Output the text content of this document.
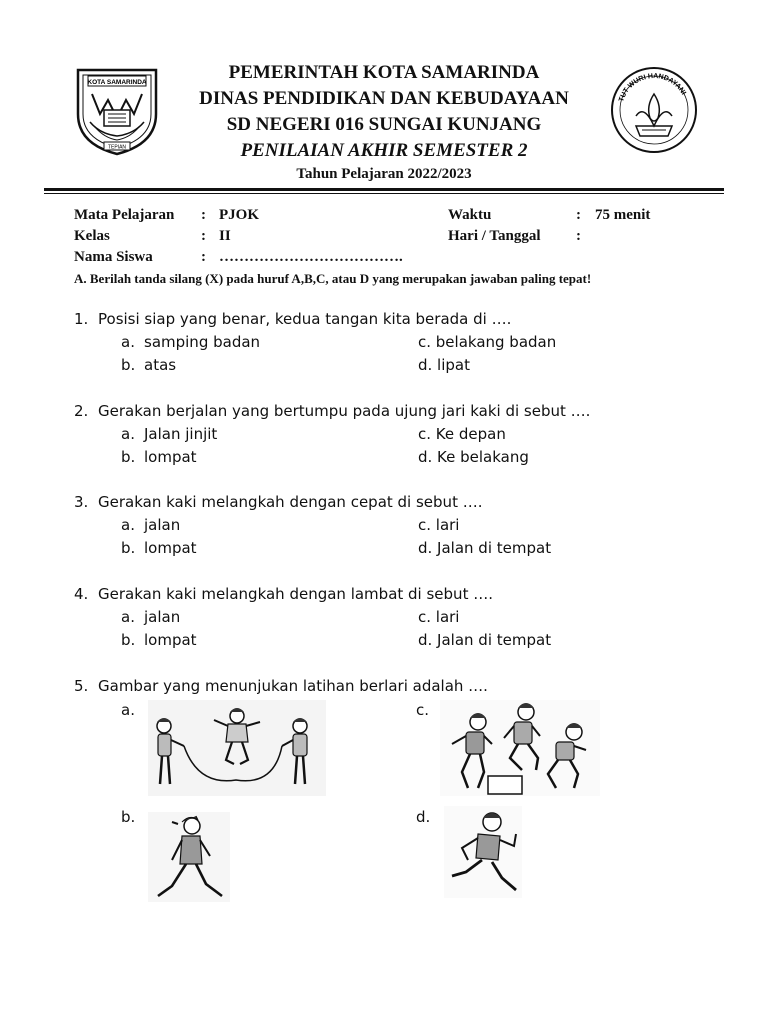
KOTA SAMARINDA
TEPIAN
TUT WURI HANDAYANI
PEMERINTAH KOTA SAMARINDA
DINAS PENDIDIKAN DAN KEBUDAYAAN
SD NEGERI 016 SUNGAI KUNJANG
PENILAIAN AKHIR SEMESTER 2
Tahun Pelajaran 2022/2023
Mata Pelajaran : PJOK
Kelas	: II
Nama Siswa	: ……………………………….
Waktu	: 75 menit
Hari / Tanggal :
A. Berilah tanda silang (X) pada huruf A,B,C, atau D yang merupakan jawaban paling tepat!
1. Posisi siap yang benar, kedua tangan kita berada di ….
a. samping badan
b. atas
c. belakang badan
d. lipat
2. Gerakan berjalan yang bertumpu pada ujung jari kaki di sebut ….
a. Jalan jinjit
b. lompat
c. Ke depan
d. Ke belakang
3. Gerakan kaki melangkah dengan cepat di sebut ….
a. jalan
b. lompat
c. lari
d. Jalan di tempat
4. Gerakan kaki melangkah dengan lambat di sebut ….
a. jalan
b. lompat
c. lari
d. Jalan di tempat
5. Gambar yang menunjukan latihan berlari adalah ….
a.	c.
b.	d.
